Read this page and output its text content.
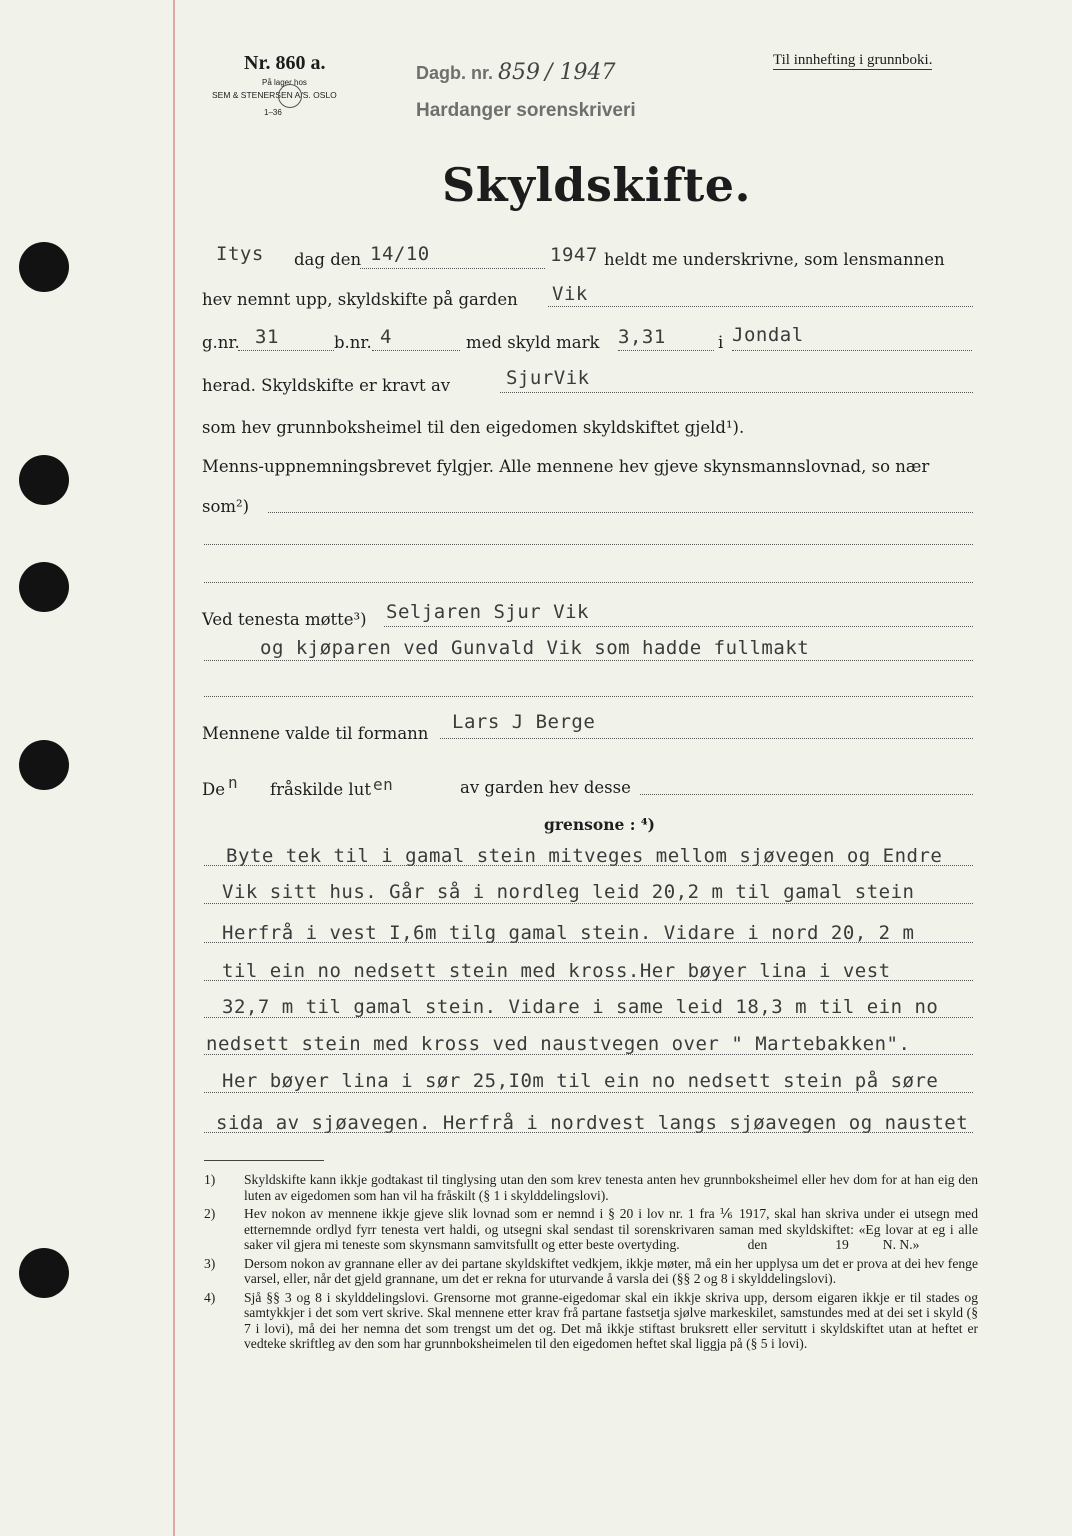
Nr. 860 a.
På lager hos
SEM & STENERSEN A/S. OSLO
1–36
Dagb. nr. 859 / 1947
Hardanger sorenskriveri
Til innhefting i grunnboki.
Skyldskifte.
Itys dag den 14/10	1947 heldt me underskrivne, som lensmannen
hev nemnt upp, skyldskifte på garden Vik
g.nr. 31	b.nr. 4	med skyld mark 3,31	i Jondal
herad. Skyldskifte er kravt av	SjurVik
som hev grunnboksheimel til den eigedomen skyldskiftet gjeld¹).
Menns-uppnemningsbrevet fylgjer. Alle mennene hev gjeve skynsmannslovnad, so nær
som²)
Ved tenesta møtte³) Seljaren Sjur Vik
og kjøparen ved Gunvald Vik som hadde fullmakt
Mennene valde til formann
Lars J Berge
De n fråskilde lut en	av garden hev desse
grensone : ⁴)
Byte tek til i gamal stein mitveges mellom sjøvegen og Endre
Vik sitt hus. Går så i nordleg leid 20,2 m til gamal stein
Herfrå i vest I,6m tilg gamal stein. Vidare i nord 20, 2 m
til ein no nedsett stein med kross.Her bøyer lina i vest
32,7 m til gamal stein. Vidare i same leid 18,3 m til ein no
nedsett stein med kross ved naustvegen over " Martebakken".
Her bøyer lina i sør 25,I0m til ein no nedsett stein på søre
sida av sjøavegen. Herfrå i nordvest langs sjøavegen og naustet
1)	Skyldskifte kann ikkje godtakast til tinglysing utan den som krev tenesta anten hev grunnboksheimel eller hev dom for at han eig den luten av eigedomen som han vil ha fråskilt (§ 1 i skylddelingslovi).
2)	Hev nokon av mennene ikkje gjeve slik lovnad som er nemnd i § 20 i lov nr. 1 fra ⅙ 1917, skal han skriva under ei utsegn med etternemnde ordlyd fyrr tenesta vert haldi, og utsegni skal sendast til sorenskrivaren saman med skyldskiftet: «Eg lovar at eg i alle saker vil gjera mi teneste som skynsmann samvitsfullt og etter beste overtyding.                    den                    19          N. N.»
3)	Dersom nokon av grannane eller av dei partane skyldskiftet vedkjem, ikkje møter, må ein her upplysa um det er prova at dei hev fenge varsel, eller, når det gjeld grannane, um det er rekna for uturvande å varsla dei (§§ 2 og 8 i skylddelingslovi).
4)	Sjå §§ 3 og 8 i skylddelingslovi. Grensorne mot granne-eigedomar skal ein ikkje skriva upp, dersom eigaren ikkje er til stades og samtykkjer i det som vert skrive. Skal mennene etter krav frå partane fastsetja sjølve markeskilet, samstundes med at dei set i skyld (§ 7 i lovi), må dei her nemna det som trengst um det og. Det må ikkje stiftast bruksrett eller servitutt i skyldskiftet utan at heftet er vedteke skriftleg av den som har grunnboksheimelen til den eigedomen heftet skal liggja på (§ 5 i lovi).
